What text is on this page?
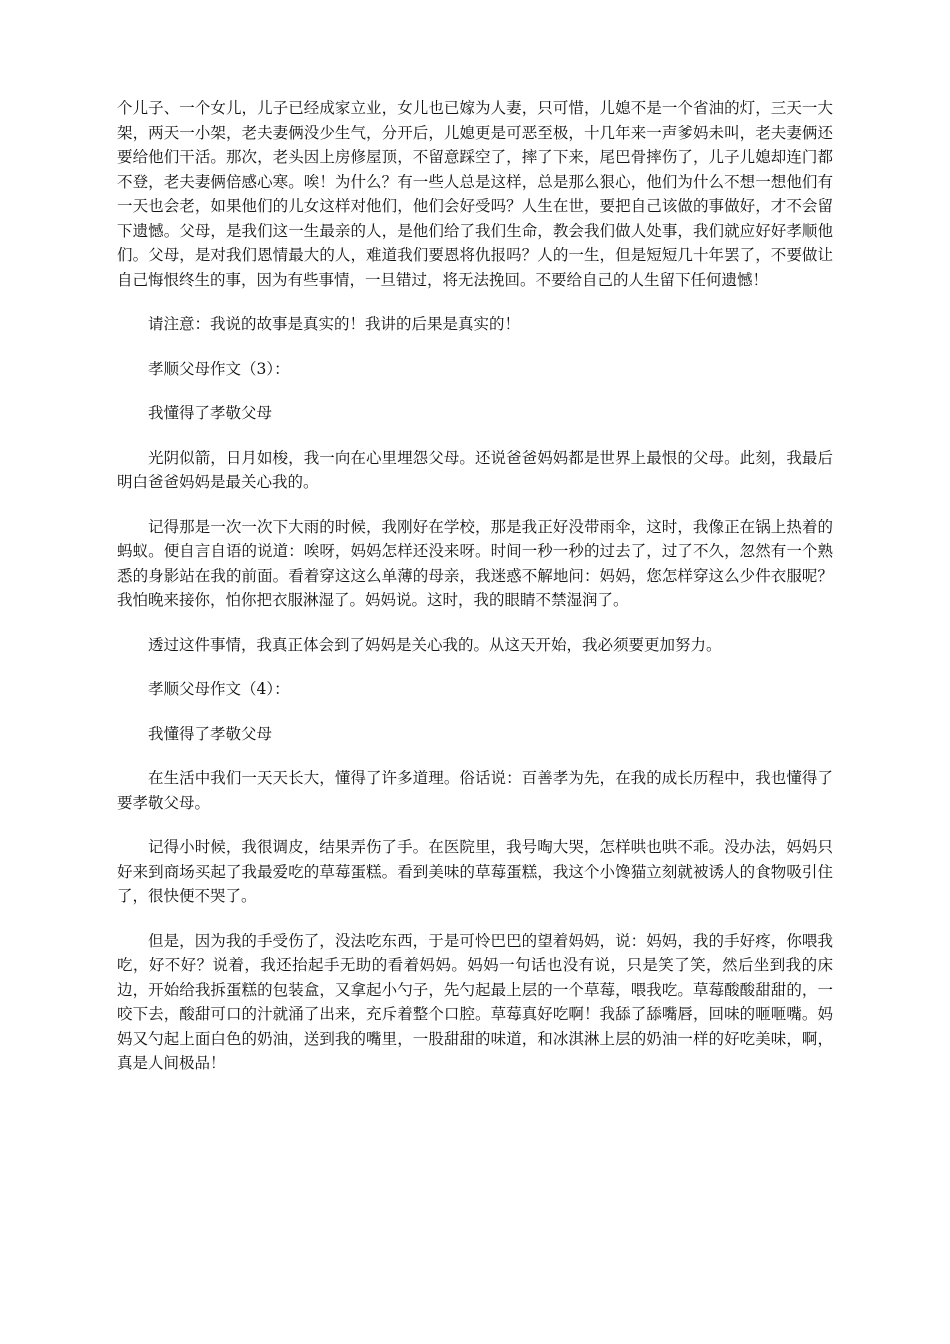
个儿子、一个女儿，儿子已经成家立业，女儿也已嫁为人妻，只可惜，儿媳不是一个省油的灯，三天一大架，两天一小架，老夫妻俩没少生气，分开后，儿媳更是可恶至极，十几年来一声爹妈未叫，老夫妻俩还要给他们干活。那次，老头因上房修屋顶，不留意踩空了，摔了下来，尾巴骨摔伤了，儿子儿媳却连门都不登，老夫妻俩倍感心寒。唉！为什么？有一些人总是这样，总是那么狠心，他们为什么不想一想他们有一天也会老，如果他们的儿女这样对他们，他们会好受吗？人生在世，要把自己该做的事做好，才不会留下遗憾。父母，是我们这一生最亲的人，是他们给了我们生命，教会我们做人处事，我们就应好好孝顺他们。父母，是对我们恩情最大的人，难道我们要恩将仇报吗？人的一生，但是短短几十年罢了，不要做让自己悔恨终生的事，因为有些事情，一旦错过，将无法挽回。不要给自己的人生留下任何遗憾！

请注意：我说的故事是真实的！我讲的后果是真实的！

孝顺父母作文（3）：

我懂得了孝敬父母

光阴似箭，日月如梭，我一向在心里埋怨父母。还说爸爸妈妈都是世界上最恨的父母。此刻，我最后明白爸爸妈妈是最关心我的。

记得那是一次一次下大雨的时候，我刚好在学校，那是我正好没带雨伞，这时，我像正在锅上热着的蚂蚁。便自言自语的说道：唉呀，妈妈怎样还没来呀。时间一秒一秒的过去了，过了不久，忽然有一个熟悉的身影站在我的前面。看着穿这这么单薄的母亲，我迷惑不解地问：妈妈，您怎样穿这么少件衣服呢？我怕晚来接你，怕你把衣服淋湿了。妈妈说。这时，我的眼睛不禁湿润了。

透过这件事情，我真正体会到了妈妈是关心我的。从这天开始，我必须要更加努力。

孝顺父母作文（4）：

我懂得了孝敬父母

在生活中我们一天天长大，懂得了许多道理。俗话说：百善孝为先，在我的成长历程中，我也懂得了要孝敬父母。

记得小时候，我很调皮，结果弄伤了手。在医院里，我号啕大哭，怎样哄也哄不乖。没办法，妈妈只好来到商场买起了我最爱吃的草莓蛋糕。看到美味的草莓蛋糕，我这个小馋猫立刻就被诱人的食物吸引住了，很快便不哭了。

但是，因为我的手受伤了，没法吃东西，于是可怜巴巴的望着妈妈，说：妈妈，我的手好疼，你喂我吃，好不好？说着，我还抬起手无助的看着妈妈。妈妈一句话也没有说，只是笑了笑，然后坐到我的床边，开始给我拆蛋糕的包装盒，又拿起小勺子，先勺起最上层的一个草莓，喂我吃。草莓酸酸甜甜的，一咬下去，酸甜可口的汁就涌了出来，充斥着整个口腔。草莓真好吃啊！我舔了舔嘴唇，回味的咂咂嘴。妈妈又勺起上面白色的奶油，送到我的嘴里，一股甜甜的味道，和冰淇淋上层的奶油一样的好吃美味，啊，真是人间极品！
